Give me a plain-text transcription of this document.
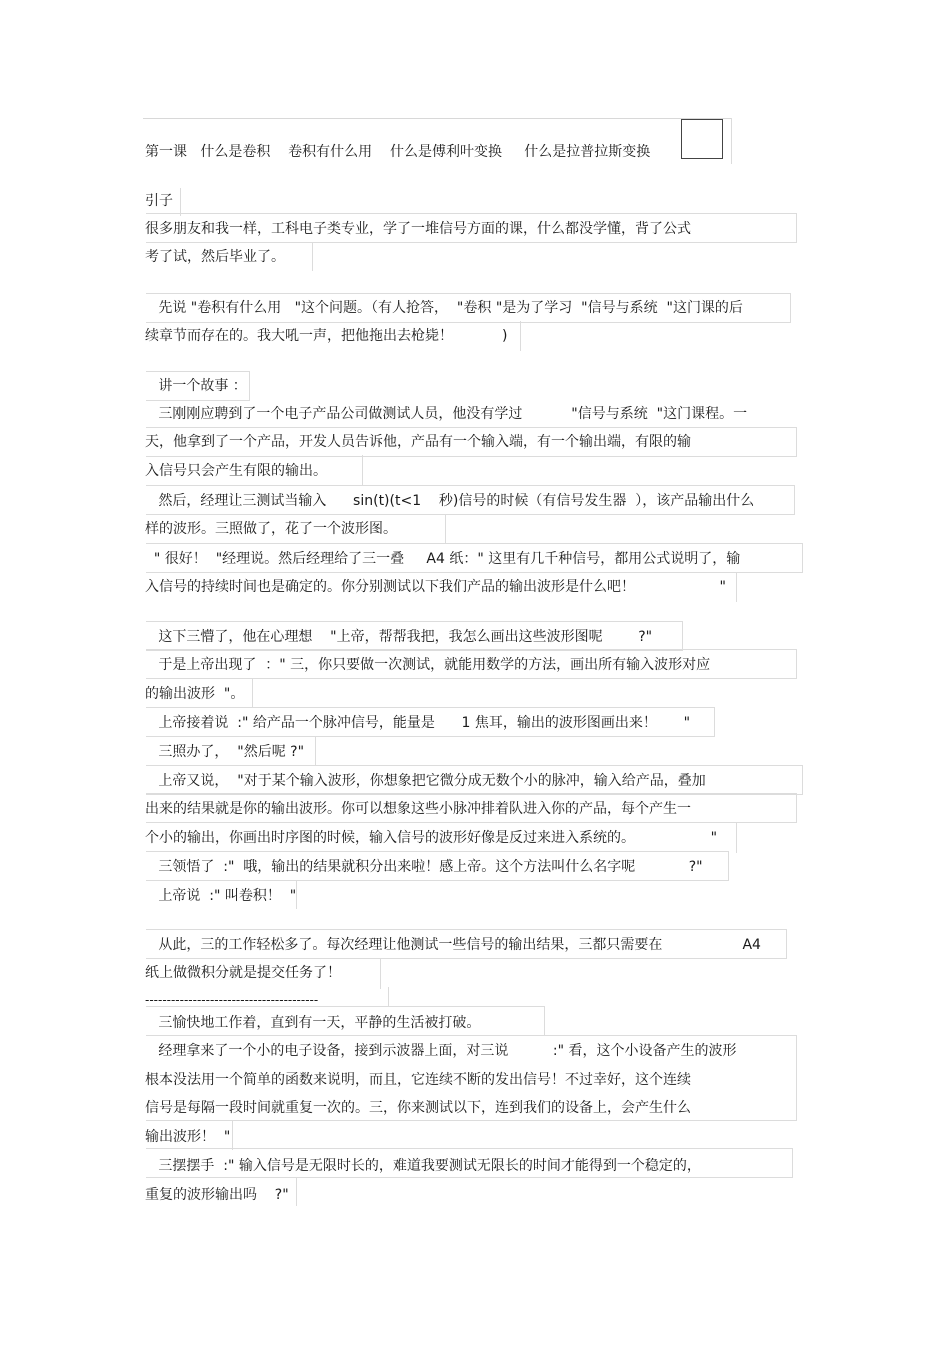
第一课   什么是卷积    卷积有什么用    什么是傅利叶变换     什么是拉普拉斯变换
引子
很多朋友和我一样，工科电子类专业，学了一堆信号方面的课，什么都没学懂，背了公式
考了试，然后毕业了。
先说 "卷积有什么用   "这个问题。（有人抢答，  "卷积 "是为了学习  "信号与系统  "这门课的后
续章节而存在的。我大吼一声，把他拖出去枪毙！           )
讲一个故事 ：
三刚刚应聘到了一个电子产品公司做测试人员，他没有学过           "信号与系统  "这门课程。一
天，他拿到了一个产品，开发人员告诉他，产品有一个输入端，有一个输出端，有限的输
入信号只会产生有限的输出。
然后，经理让三测试当输入      sin(t)(t<1    秒)信号的时候（有信号发生器  ），该产品输出什么
样的波形。三照做了，花了一个波形图。
" 很好！  "经理说。然后经理给了三一叠     A4 纸：" 这里有几千种信号，都用公式说明了，输
入信号的持续时间也是确定的。你分别测试以下我们产品的输出波形是什么吧！                   "
这下三懵了，他在心理想    "上帝，帮帮我把，我怎么画出这些波形图呢        ?"
于是上帝出现了  ：" 三，你只要做一次测试，就能用数学的方法，画出所有输入波形对应
的输出波形  "。
上帝接着说  :" 给产品一个脉冲信号，能量是      1 焦耳，输出的波形图画出来！      "
三照办了，  "然后呢 ?"
上帝又说，  "对于某个输入波形，你想象把它微分成无数个小的脉冲，输入给产品，叠加
出来的结果就是你的输出波形。你可以想象这些小脉冲排着队进入你的产品，每个产生一
个小的输出，你画出时序图的时候，输入信号的波形好像是反过来进入系统的。                 "
三领悟了  :"  哦，输出的结果就积分出来啦！感上帝。这个方法叫什么名字呢            ?"
上帝说  :" 叫卷积！  "
从此，三的工作轻松多了。每次经理让他测试一些信号的输出结果，三都只需要在                  A4
纸上做微积分就是提交任务了！
----------------------------------------
三愉快地工作着，直到有一天，平静的生活被打破。
经理拿来了一个小的电子设备，接到示波器上面，对三说          :" 看，这个小设备产生的波形
根本没法用一个简单的函数来说明，而且，它连续不断的发出信号！不过幸好，这个连续
信号是每隔一段时间就重复一次的。三，你来测试以下，连到我们的设备上，会产生什么
输出波形！  "
三摆摆手  :" 输入信号是无限时长的，难道我要测试无限长的时间才能得到一个稳定的，
重复的波形输出吗    ?"
